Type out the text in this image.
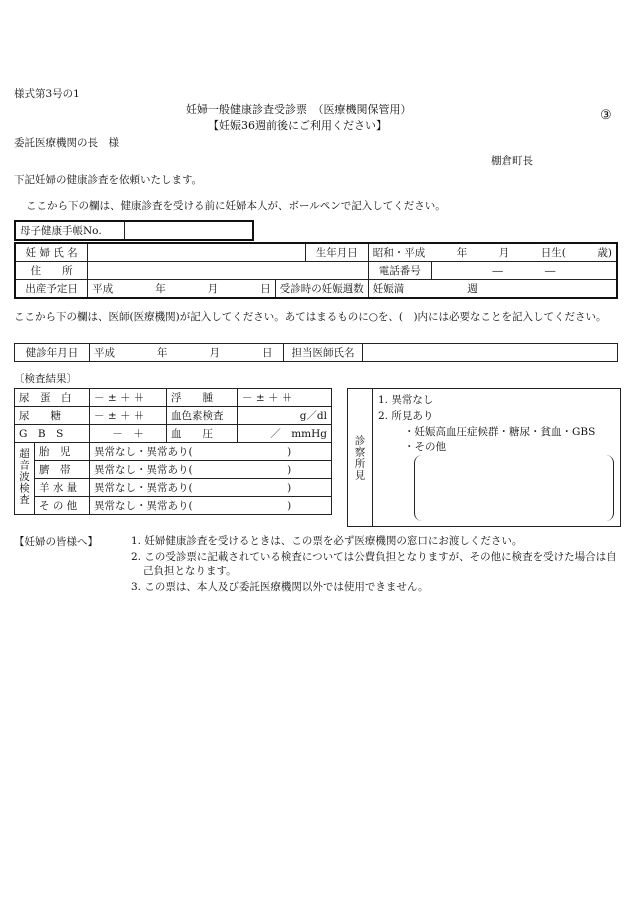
様式第3号の1
妊婦一般健康診査受診票　（医療機関保管用）
【妊娠36週前後にご利用ください】
③
委託医療機関の長　様
棚倉町長
下記妊婦の健康診査を依頼いたします。
ここから下の欄は、健康診査を受ける前に妊婦本人が、ボールペンで記入してください。
母子健康手帳No.	
妊 婦 氏 名			生年月日	昭和・平成　　　年　　　月　　　日生(　　　歳)	
住　　所				電話番号	―　　　　―
出産予定日	平成　　　　年　　　　月　　　　日	受診時の妊娠週数		妊娠満　　　　　　週	
ここから下の欄は、医師(医療機関)が記入してください。あてはまるものに○を、(　)内には必要なことを記入してください。
健診年月日	平成　　　　年　　　　月　　　　日	担当医師氏名	
〔検査結果〕
尿　蛋　白		－ ± ＋ ⧺	浮　　腫	－ ± ＋ ⧺
尿　　糖		－ ± ＋ ⧺	血色素検査	g／dl
G　B　S		－　＋	血　　圧	／　mmHg
超音波検査	胎　児	異常なし・異常あり(　　　　　　　　　)		
	臍　帯	異常なし・異常あり(　　　　　　　　　)		
	羊 水 量	異常なし・異常あり(　　　　　　　　　)		
	そ の 他	異常なし・異常あり(　　　　　　　　　)		
診察所見
1. 異常なし
2. 所見あり
・妊娠高血圧症候群・糖尿・貧血・GBS
・その他
【妊婦の皆様へ】	1. 妊婦健康診査を受けるときは、この票を必ず医療機関の窓口にお渡しください。
2. この受診票に記載されている検査については公費負担となりますが、その他に検査を受けた場合は自己負担となります。
3. この票は、本人及び委託医療機関以外では使用できません。
